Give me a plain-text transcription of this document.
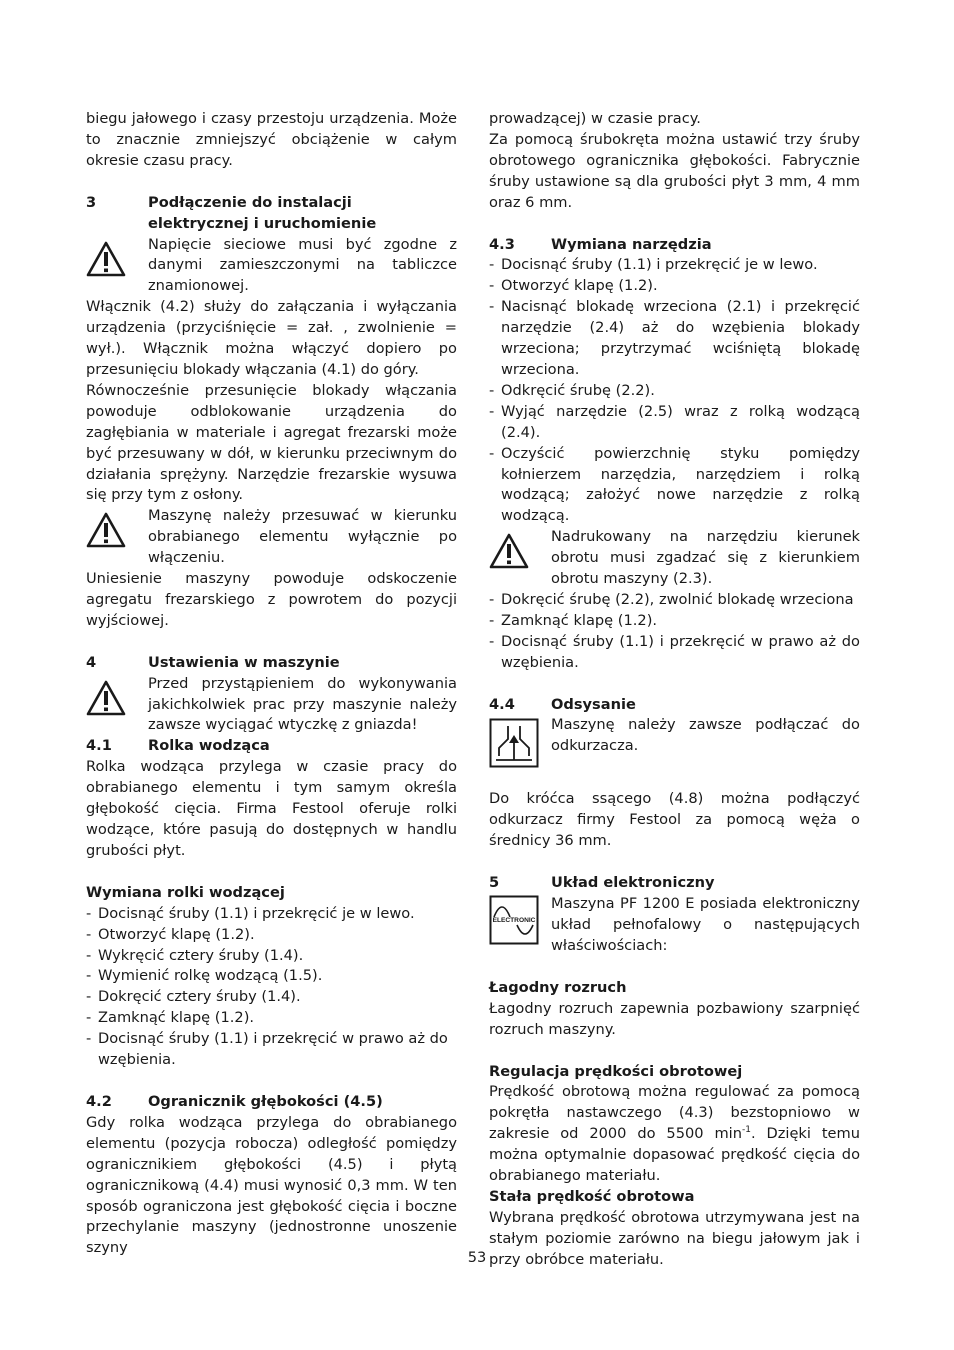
biegu jałowego i czasy przestoju urządzenia. Może to znacznie zmniejszyć obciążenie w całym okresie czasu pracy.

3	Podłączenie do instalacji elektrycznej i uruchomienie

Napięcie sieciowe musi być zgodne z danymi zamieszczonymi na tabliczce znamionowej.

Włącznik (4.2) służy do załączania i wyłączania urządzenia (przyciśnięcie = zał. , zwolnienie = wył.). Włącznik można włączyć dopiero po przesunięciu blokady włączania (4.1) do góry.

Równocześnie przesunięcie blokady włączania powoduje odblokowanie urządzenia do zagłębiania w materiale i agregat frezarski może być przesuwany w dół, w kierunku przeciwnym do działania sprężyny. Narzędzie frezarskie wysuwa się przy tym z osłony.

Maszynę należy przesuwać w kierunku obrabianego elementu wyłącznie po włączeniu.

Uniesienie maszyny powoduje odskoczenie agregatu frezarskiego z powrotem do pozycji wyjściowej.

4	Ustawienia w maszynie

Przed przystąpieniem do wykonywania jakichkolwiek prac przy maszynie należy zawsze wyciągać wtyczkę z gniazda!

4.1	Rolka wodząca

Rolka wodząca przylega w czasie pracy do obrabianego elementu i tym samym określa głębokość cięcia. Firma Festool oferuje rolki wodzące, które pasują do dostępnych w handlu grubości płyt.

Wymiana rolki wodzącej

- Docisnąć śruby (1.1) i przekręcić je w lewo.
- Otworzyć klapę (1.2).
- Wykręcić cztery śruby (1.4).
- Wymienić rolkę wodzącą (1.5).
- Dokręcić cztery śruby (1.4).
- Zamknąć klapę (1.2).
- Docisnąć śruby (1.1) i przekręcić w prawo aż do wzębienia.
4.2	Ogranicznik głębokości (4.5)

Gdy rolka wodząca przylega do obrabianego elementu (pozycja robocza) odległość pomiędzy ogranicznikiem głębokości (4.5) i płytą ogranicznikową (4.4) musi wynosić 0,3 mm. W ten sposób ograniczona jest głębokość cięcia i boczne przechylanie maszyny (jednostronne unoszenie szyny

prowadzącej) w czasie pracy.

Za pomocą śrubokręta można ustawić trzy śruby obrotowego ogranicznika głębokości. Fabrycznie śruby ustawione są dla grubości płyt 3 mm, 4 mm oraz 6 mm.

4.3	Wymiana narzędzia
- Docisnąć śruby (1.1) i przekręcić je w lewo.
- Otworzyć klapę (1.2).
- Nacisnąć blokadę wrzeciona (2.1) i przekręcić narzędzie (2.4) aż do wzębienia blokady wrzeciona; przytrzymać wciśniętą blokadę wrzeciona.
- Odkręcić śrubę (2.2).
- Wyjąć narzędzie (2.5) wraz z rolką wodzącą (2.4).
- Oczyścić powierzchnię styku pomiędzy kołnierzem narzędzia, narzędziem i rolką wodzącą; założyć nowe narzędzie z rolką wodzącą.

Nadrukowany na narzędziu kierunek obrotu musi zgadzać się z kierunkiem obrotu maszyny (2.3).

- Dokręcić śrubę (2.2), zwolnić blokadę wrzeciona
- Zamknąć klapę (1.2).
- Docisnąć śruby (1.1) i przekręcić w prawo aż do wzębienia.
4.4	Odsysanie

Maszynę należy zawsze podłączać do odkurzacza.

Do króćca ssącego (4.8) można podłączyć odkurzacz firmy Festool za pomocą węża o średnicy 36 mm.

5	Układ elektroniczny
ELECTRONIC

Maszyna PF 1200 E posiada elektroniczny układ pełnofalowy o następujących właściwościach:

Łagodny rozruch

Łagodny rozruch zapewnia pozbawiony szarpnięć rozruch maszyny.

Regulacja prędkości obrotowej

Prędkość obrotową można regulować za pomocą pokrętła nastawczego (4.3) bezstopniowo w zakresie od 2000 do 5500 $\min^{-1}$. Dzięki temu można optymalnie dopasować prędkość cięcia do obrabianego materiału.

Stała prędkość obrotowa

Wybrana prędkość obrotowa utrzymywana jest na stałym poziomie zarówno na biegu jałowym jak i przy obróbce materiału.

53
